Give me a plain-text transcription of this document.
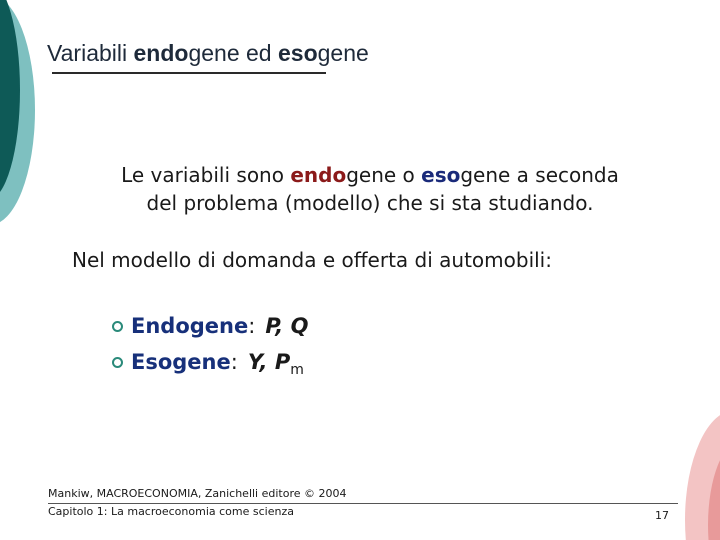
Variabili endogene ed esogene
Le variabili sono endogene o esogene a seconda
del problema (modello) che si sta studiando.
Nel modello di domanda e offerta di automobili:
Endogene: P, Q
Esogene: Y, $P_m$
Mankiw, MACROECONOMIA, Zanichelli editore © 2004
Capitolo 1: La macroeconomia come scienza	17
